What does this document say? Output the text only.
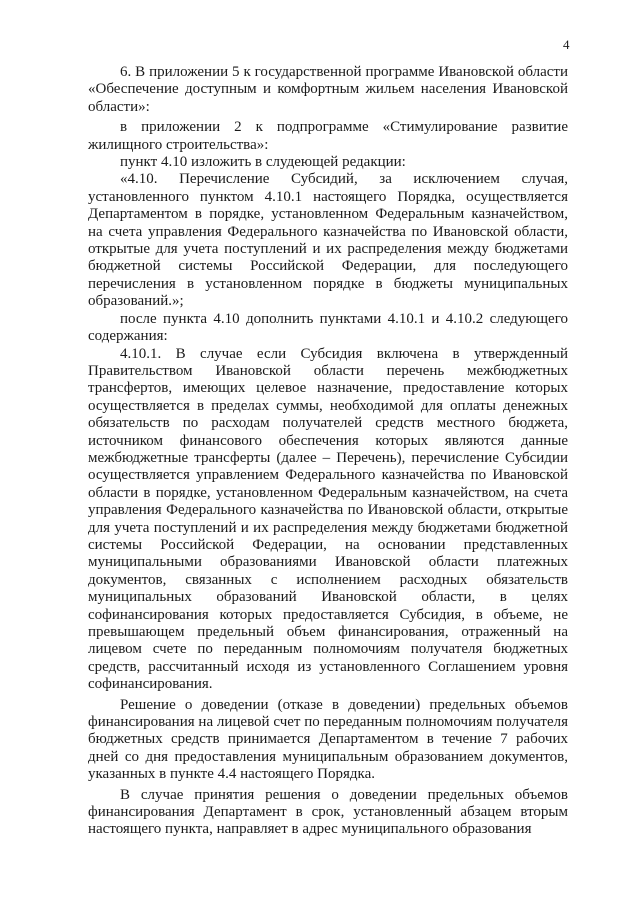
4

6. В приложении 5 к государственной программе Ивановской области «Обеспечение доступным и комфортным жильем населения Ивановской области»:

в приложении 2 к подпрограмме «Стимулирование развитие жилищного строительства»:

пункт 4.10 изложить в слудеющей редакции:

«4.10. Перечисление Субсидий, за исключением случая, установленного пунктом 4.10.1 настоящего Порядка, осуществляется Департаментом в порядке, установленном Федеральным казначейством, на счета управления Федерального казначейства по Ивановской области, открытые для учета поступлений и их распределения между бюджетами бюджетной системы Российской Федерации, для последующего перечисления в установленном порядке в бюджеты муниципальных образований.»;

после пункта 4.10 дополнить пунктами 4.10.1 и 4.10.2 следующего содержания:

4.10.1. В случае если Субсидия включена в утвержденный Правительством Ивановской области перечень межбюджетных трансфертов, имеющих целевое назначение, предоставление которых осуществляется в пределах суммы, необходимой для оплаты денежных обязательств по расходам получателей средств местного бюджета, источником финансового обеспечения которых являются данные межбюджетные трансферты (далее – Перечень), перечисление Субсидии осуществляется управлением Федерального казначейства по Ивановской области в порядке, установленном Федеральным казначейством, на счета управления Федерального казначейства по Ивановской области, открытые для учета поступлений и их распределения между бюджетами бюджетной системы Российской Федерации, на основании представленных муниципальными образованиями Ивановской области платежных документов, связанных с исполнением расходных обязательств муниципальных образований Ивановской области, в целях софинансирования которых предоставляется Субсидия, в объеме, не превышающем предельный объем финансирования, отраженный на лицевом счете по переданным полномочиям получателя бюджетных средств, рассчитанный исходя из установленного Соглашением уровня софинансирования.

Решение о доведении (отказе в доведении) предельных объемов финансирования на лицевой счет по переданным полномочиям получателя бюджетных средств принимается Департаментом в течение 7 рабочих дней со дня предоставления муниципальным образованием документов, указанных в пункте 4.4 настоящего Порядка.

В случае принятия решения о доведении предельных объемов финансирования Департамент в срок, установленный абзацем вторым настоящего пункта, направляет в адрес муниципального образования
